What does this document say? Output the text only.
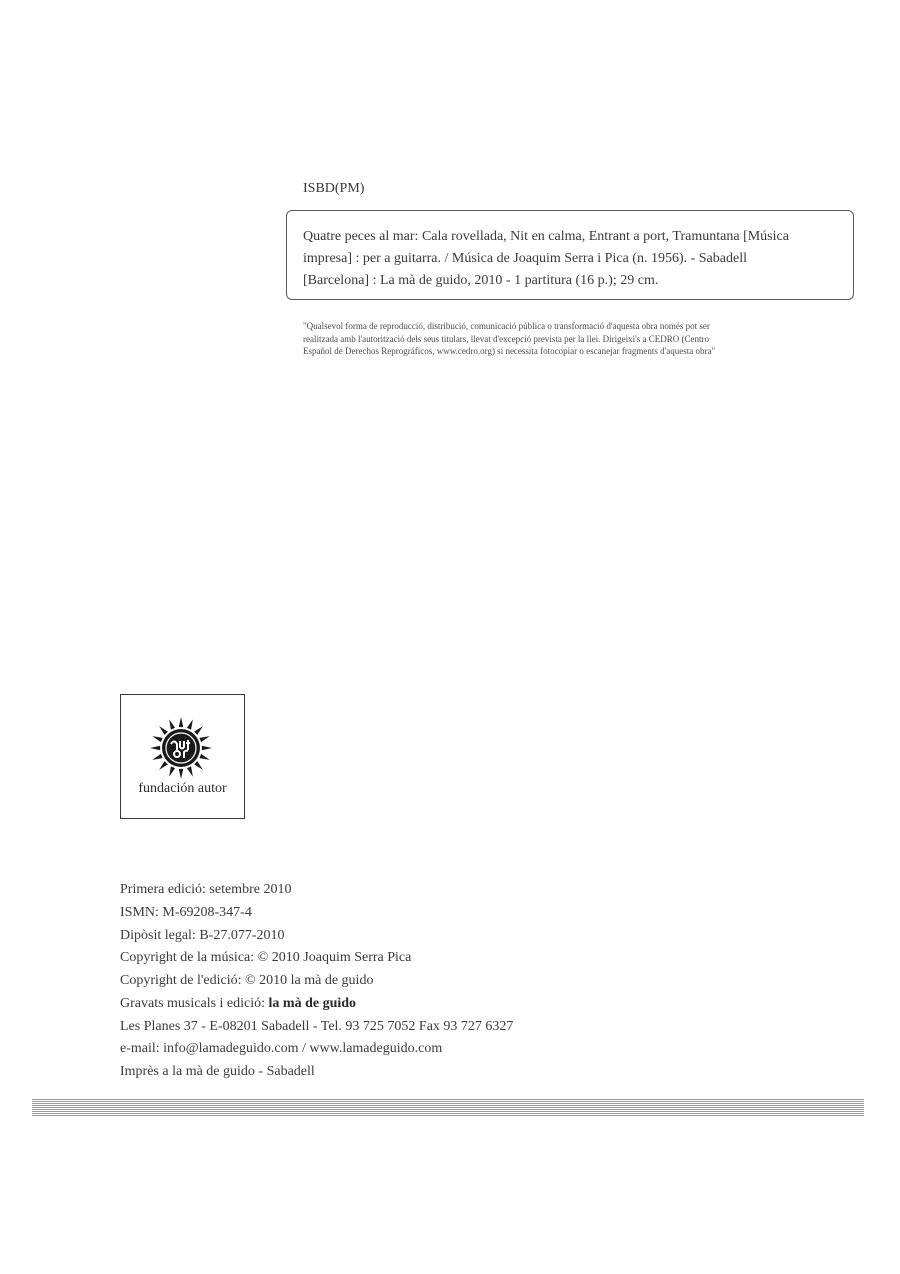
ISBD(PM)
Quatre peces al mar: Cala rovellada, Nit en calma, Entrant a port, Tramuntana [Música
impresa] : per a guitarra. / Música de Joaquim Serra i Pica (n. 1956). - Sabadell
[Barcelona] : La mà de guido, 2010 - 1 partitura (16 p.); 29 cm.
"Qualsevol forma de reproducció, distribució, comunicació pública o transformació d'aquesta obra només pot ser
realitzada amb l'autorització dels seus titulars, llevat d'excepció prevista per la llei. Dirigeixi's a CEDRO (Centro
Español de Derechos Reprográficos, www.cedro.org) si necessita fotocopiar o escanejar fragments d'aquesta obra"
fundación autor
Primera edició: setembre 2010
ISMN: M-69208-347-4
Dipòsit legal: B-27.077-2010
Copyright de la música: © 2010 Joaquim Serra Pica
Copyright de l'edició: © 2010 la mà de guido
Gravats musicals i edició: la mà de guido
Les Planes 37 - E-08201 Sabadell - Tel. 93 725 7052 Fax 93 727 6327
e-mail: info@lamadeguido.com / www.lamadeguido.com
Imprès a la mà de guido - Sabadell
